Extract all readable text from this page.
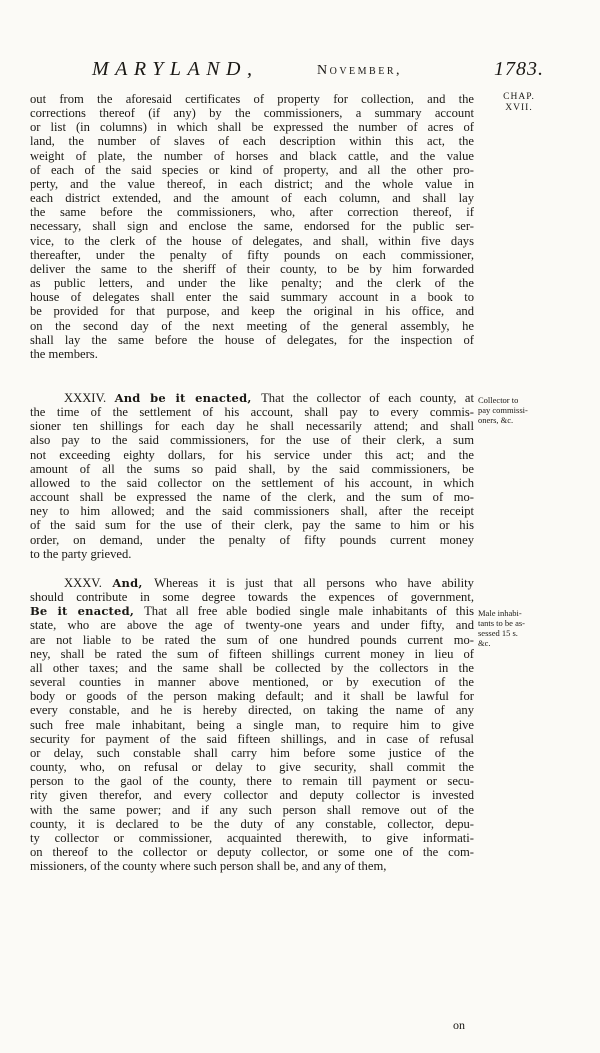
MARYLAND,	November,	1783.
CHAP.
XVII.
out from the aforesaid certificates of property for collection, and the
corrections thereof (if any) by the commissioners, a summary account
or list (in columns) in which shall be expressed the number of acres of
land, the number of slaves of each description within this act, the
weight of plate, the number of horses and black cattle, and the value
of each of the said species or kind of property, and all the other pro-
perty, and the value thereof, in each district; and the whole value in
each district extended, and the amount of each column, and shall lay
the same before the commissioners, who, after correction thereof, if
necessary, shall sign and enclose the same, endorsed for the public ser-
vice, to the clerk of the house of delegates, and shall, within five days
thereafter, under the penalty of fifty pounds on each commissioner,
deliver the same to the sheriff of their county, to be by him forwarded
as public letters, and under the like penalty; and the clerk of the
house of delegates shall enter the said summary account in a book to
be provided for that purpose, and keep the original in his office, and
on the second day of the next meeting of the general assembly, he
shall lay the same before the house of delegates, for the inspection of
the members.
XXXIV. And be it enacted, That the collector of each county, at
the time of the settlement of his account, shall pay to every commis-
sioner ten shillings for each day he shall necessarily attend; and shall
also pay to the said commissioners, for the use of their clerk, a sum
not exceeding eighty dollars, for his service under this act; and the
amount of all the sums so paid shall, by the said commissioners, be
allowed to the said collector on the settlement of his account, in which
account shall be expressed the name of the clerk, and the sum of mo-
ney to him allowed; and the said commissioners shall, after the receipt
of the said sum for the use of their clerk, pay the same to him or his
order, on demand, under the penalty of fifty pounds current money
to the party grieved.
XXXV. And, Whereas it is just that all persons who have ability
should contribute in some degree towards the expences of government,
Be it enacted, That all free able bodied single male inhabitants of this
state, who are above the age of twenty-one years and under fifty, and
are not liable to be rated the sum of one hundred pounds current mo-
ney, shall be rated the sum of fifteen shillings current money in lieu of
all other taxes; and the same shall be collected by the collectors in the
several counties in manner above mentioned, or by execution of the
body or goods of the person making default; and it shall be lawful for
every constable, and he is hereby directed, on taking the name of any
such free male inhabitant, being a single man, to require him to give
security for payment of the said fifteen shillings, and in case of refusal
or delay, such constable shall carry him before some justice of the
county, who, on refusal or delay to give security, shall commit the
person to the gaol of the county, there to remain till payment or secu-
rity given therefor, and every collector and deputy collector is invested
with the same power; and if any such person shall remove out of the
county, it is declared to be the duty of any constable, collector, depu-
ty collector or commissioner, acquainted therewith, to give informati-
on thereof to the collector or deputy collector, or some one of the com-
missioners, of the county where such person shall be, and any of them,
Collector to
pay commissi-
oners, &c.
Male inhabi-
tants to be as-
sessed 15 s.
&c.
on
